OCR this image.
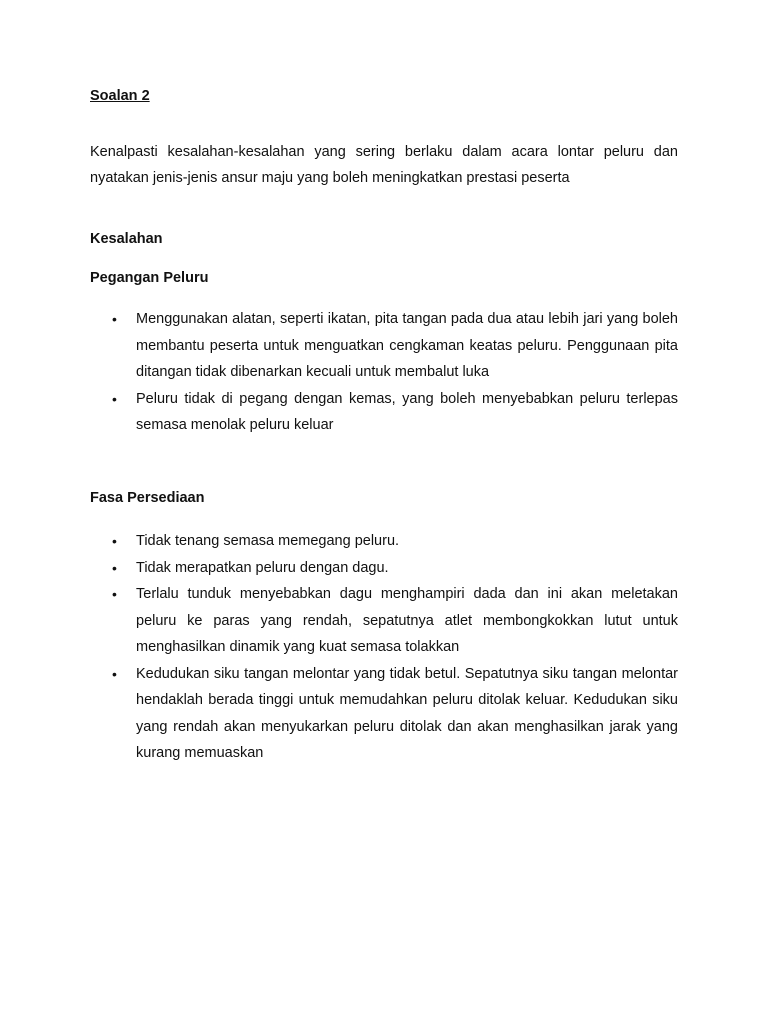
Soalan 2

Kenalpasti kesalahan-kesalahan yang sering berlaku dalam acara lontar peluru dan nyatakan jenis-jenis ansur maju yang boleh meningkatkan prestasi peserta

Kesalahan

Pegangan Peluru

• Menggunakan alatan, seperti ikatan, pita tangan pada dua atau lebih jari yang boleh membantu peserta untuk menguatkan cengkaman keatas peluru. Penggunaan pita ditangan tidak dibenarkan kecuali untuk membalut luka
• Peluru tidak di pegang dengan kemas, yang boleh menyebabkan peluru terlepas semasa menolak peluru keluar

Fasa Persediaan

• Tidak tenang semasa memegang peluru.
• Tidak merapatkan peluru dengan dagu.
• Terlalu tunduk menyebabkan dagu menghampiri dada dan ini akan meletakan peluru ke paras yang rendah, sepatutnya atlet membongkokkan lutut untuk menghasilkan dinamik yang kuat semasa tolakkan
• Kedudukan siku tangan melontar yang tidak betul. Sepatutnya siku tangan melontar hendaklah berada tinggi untuk memudahkan peluru ditolak keluar. Kedudukan siku yang rendah akan menyukarkan peluru ditolak dan akan menghasilkan jarak yang kurang memuaskan
